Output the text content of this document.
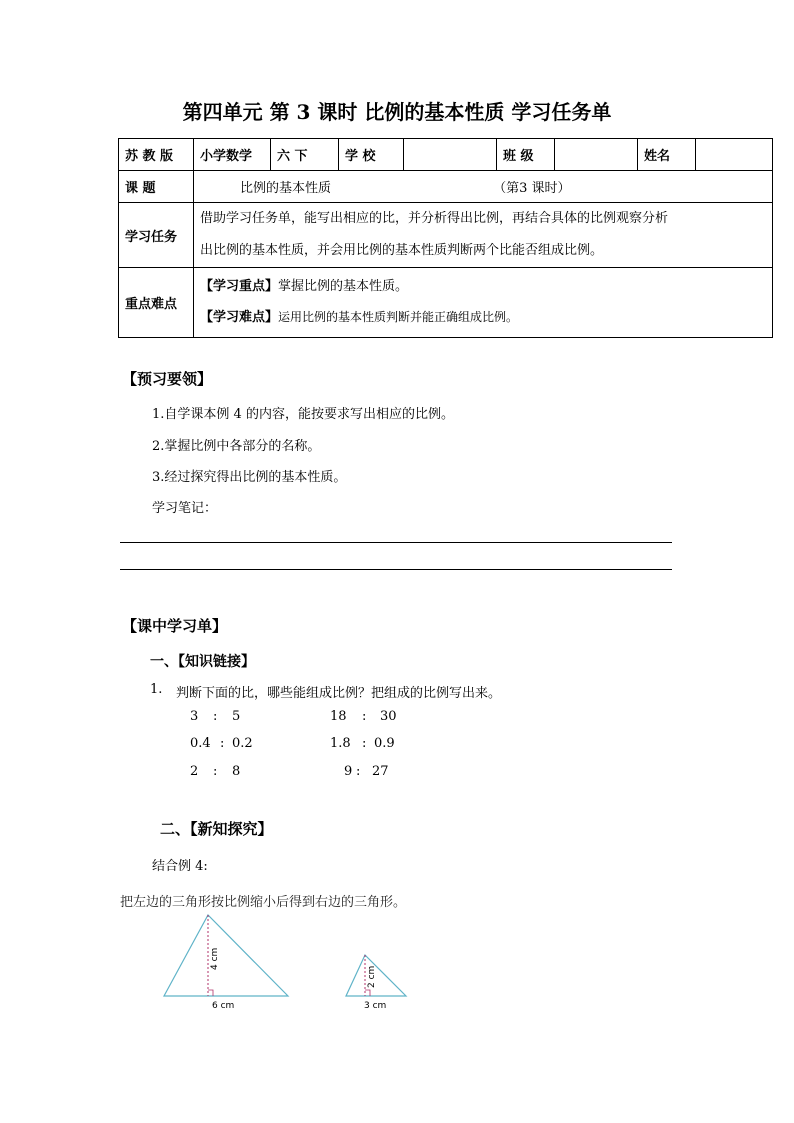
第四单元 第 3 课时 比例的基本性质 学习任务单
苏 教 版	小学数学	六 下	学 校		班 级		姓名	
课 题	比例的基本性质 （第3 课时）							
学习任务	借助学习任务单，能写出相应的比，并分析得出比例，再结合具体的比例观察分析
出比例的基本性质，并会用比例的基本性质判断两个比能否组成比例。							

重点难点	【学习重点】掌握比例的基本性质。
【学习难点】运用比例的基本性质判断并能正确组成比例。							
【预习要领】
1.自学课本例 4 的内容，能按要求写出相应的比例。
2.掌握比例中各部分的名称。
3.经过探究得出比例的基本性质。
学习笔记：
【课中学习单】
一、【知识链接】
1. 判断下面的比，哪些能组成比例？把组成的比例写出来。
3 : 5	18 : 30
0.4 : 0.2	1.8 : 0.9
2 : 8	9 : 27
二、【新知探究】
结合例 4:
把左边的三角形按比例缩小后得到右边的三角形。
4 cm
6 cm
2 cm
3 cm
